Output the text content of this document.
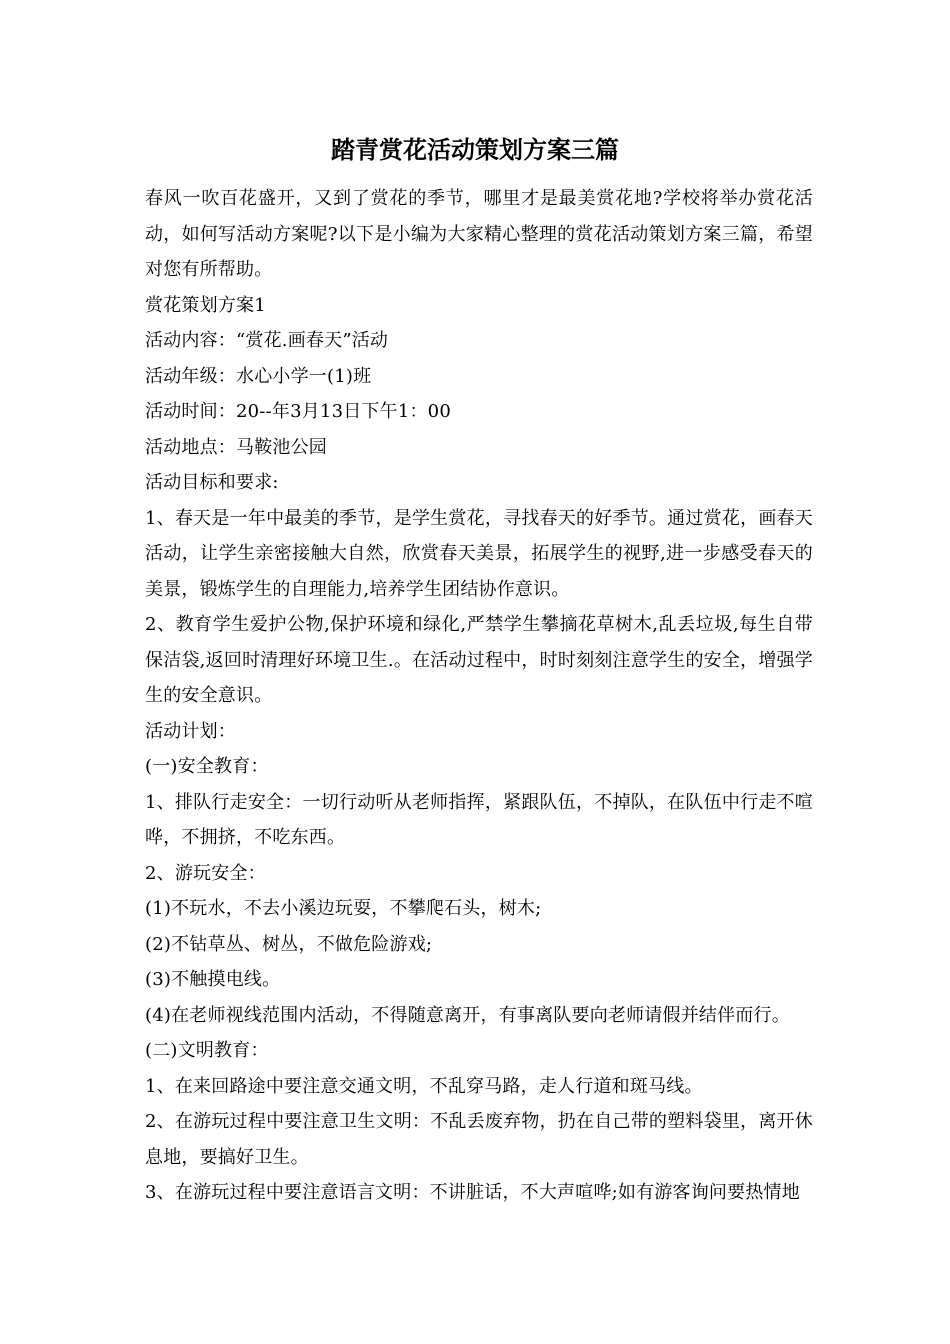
踏青赏花活动策划方案三篇

春风一吹百花盛开，又到了赏花的季节，哪里才是最美赏花地?学校将举办赏花活动，如何写活动方案呢?以下是小编为大家精心整理的赏花活动策划方案三篇，希望对您有所帮助。

赏花策划方案1

活动内容：“赏花.画春天”活动

活动年级：水心小学一(1)班

活动时间：20--年3月13日下午1：00

活动地点：马鞍池公园

活动目标和要求:

1、春天是一年中最美的季节，是学生赏花，寻找春天的好季节。通过赏花，画春天活动，让学生亲密接触大自然，欣赏春天美景，拓展学生的视野,进一步感受春天的美景，锻炼学生的自理能力,培养学生团结协作意识。

2、教育学生爱护公物,保护环境和绿化,严禁学生攀摘花草树木,乱丢垃圾,每生自带保洁袋,返回时清理好环境卫生.。在活动过程中，时时刻刻注意学生的安全，增强学生的安全意识。

活动计划：

(一)安全教育：

1、排队行走安全：一切行动听从老师指挥，紧跟队伍，不掉队，在队伍中行走不喧哗，不拥挤，不吃东西。

2、游玩安全：

(1)不玩水，不去小溪边玩耍，不攀爬石头，树木;

(2)不钻草丛、树丛，不做危险游戏;

(3)不触摸电线。

(4)在老师视线范围内活动，不得随意离开，有事离队要向老师请假并结伴而行。

(二)文明教育：

1、在来回路途中要注意交通文明，不乱穿马路，走人行道和斑马线。

2、在游玩过程中要注意卫生文明：不乱丢废弃物，扔在自己带的塑料袋里，离开休息地，要搞好卫生。

3、在游玩过程中要注意语言文明：不讲脏话，不大声喧哗;如有游客询问要热情地
